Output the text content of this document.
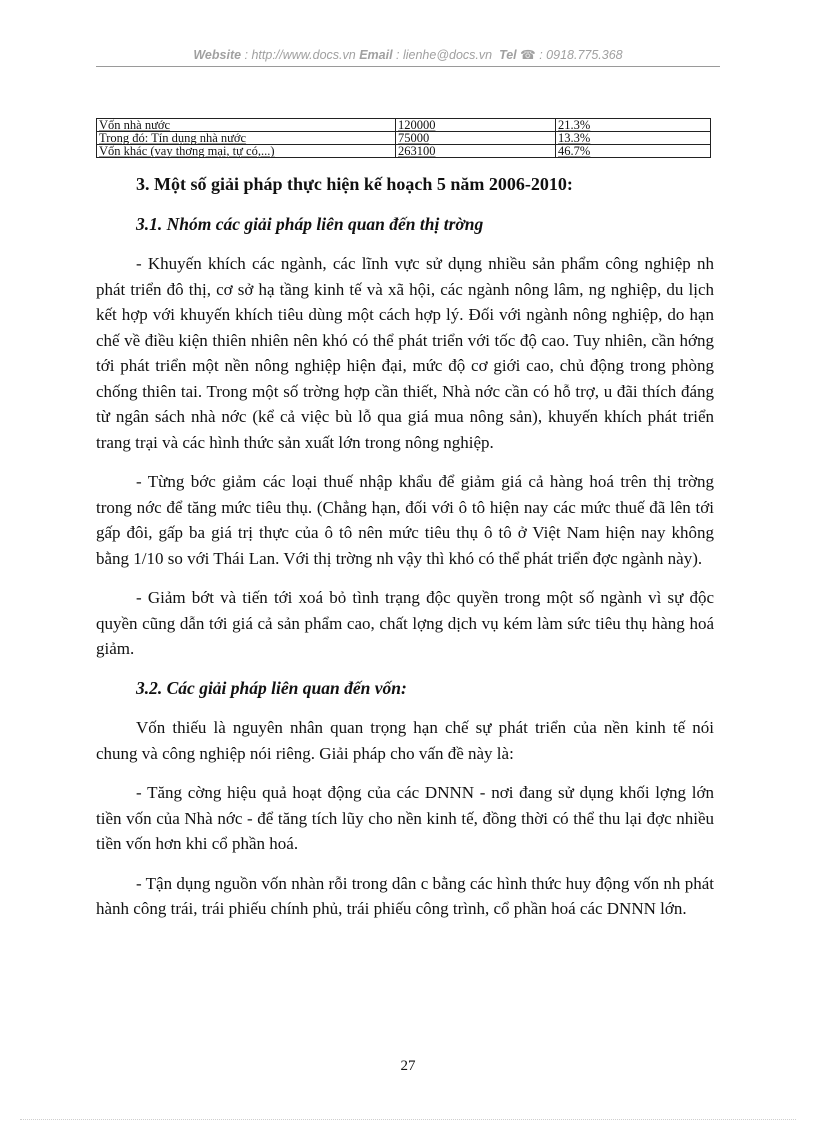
Website : http://www.docs.vn Email : lienhe@docs.vn Tel ☎ : 0918.775.368
Vốn nhà nước	120000	21.3%
Trong đó: Tín dụng nhà nước	75000	13.3%
Vốn khác (vay thơng mại, tự có,...)	263100	46.7%
3. Một số giải pháp thực hiện kế hoạch 5 năm 2006-2010:
3.1. Nhóm các giải pháp liên quan đến thị trờng

- Khuyến khích các ngành, các lĩnh vực sử dụng nhiều sản phẩm công nghiệp nh phát triển đô thị, cơ sở hạ tầng kinh tế và xã hội, các ngành nông lâm, ng nghiệp, du lịch kết hợp với khuyến khích tiêu dùng một cách hợp lý. Đối với ngành nông nghiệp, do hạn chế về điều kiện thiên nhiên nên khó có thể phát triển với tốc độ cao. Tuy nhiên, cần hớng tới phát triển một nền nông nghiệp hiện đại, mức độ cơ giới cao, chủ động trong phòng chống thiên tai. Trong một số trờng hợp cần thiết, Nhà nớc cần có hỗ trợ, u đãi thích đáng từ ngân sách nhà nớc (kể cả việc bù lỗ qua giá mua nông sản), khuyến khích phát triển trang trại và các hình thức sản xuất lớn trong nông nghiệp.

- Từng bớc giảm các loại thuế nhập khẩu để giảm giá cả hàng hoá trên thị trờng trong nớc để tăng mức tiêu thụ. (Chẳng hạn, đối với ô tô hiện nay các mức thuế đã lên tới gấp đôi, gấp ba giá trị thực của ô tô nên mức tiêu thụ ô tô ở Việt Nam hiện nay không bằng 1/10 so với Thái Lan. Với thị trờng nh vậy thì khó có thể phát triển đợc ngành này).

- Giảm bớt và tiến tới xoá bỏ tình trạng độc quyền trong một số ngành vì sự độc quyền cũng dẫn tới giá cả sản phẩm cao, chất lợng dịch vụ kém làm sức tiêu thụ hàng hoá giảm.

3.2. Các giải pháp liên quan đến vốn:

Vốn thiếu là nguyên nhân quan trọng hạn chế sự phát triển của nền kinh tế nói chung và công nghiệp nói riêng. Giải pháp cho vấn đề này là:

- Tăng cờng hiệu quả hoạt động của các DNNN - nơi đang sử dụng khối lợng lớn tiền vốn của Nhà nớc - để tăng tích lũy cho nền kinh tế, đồng thời có thể thu lại đợc nhiều tiền vốn hơn khi cổ phần hoá.

- Tận dụng nguồn vốn nhàn rỗi trong dân c bằng các hình thức huy động vốn nh phát hành công trái, trái phiếu chính phủ, trái phiếu công trình, cổ phần hoá các DNNN lớn.

27
